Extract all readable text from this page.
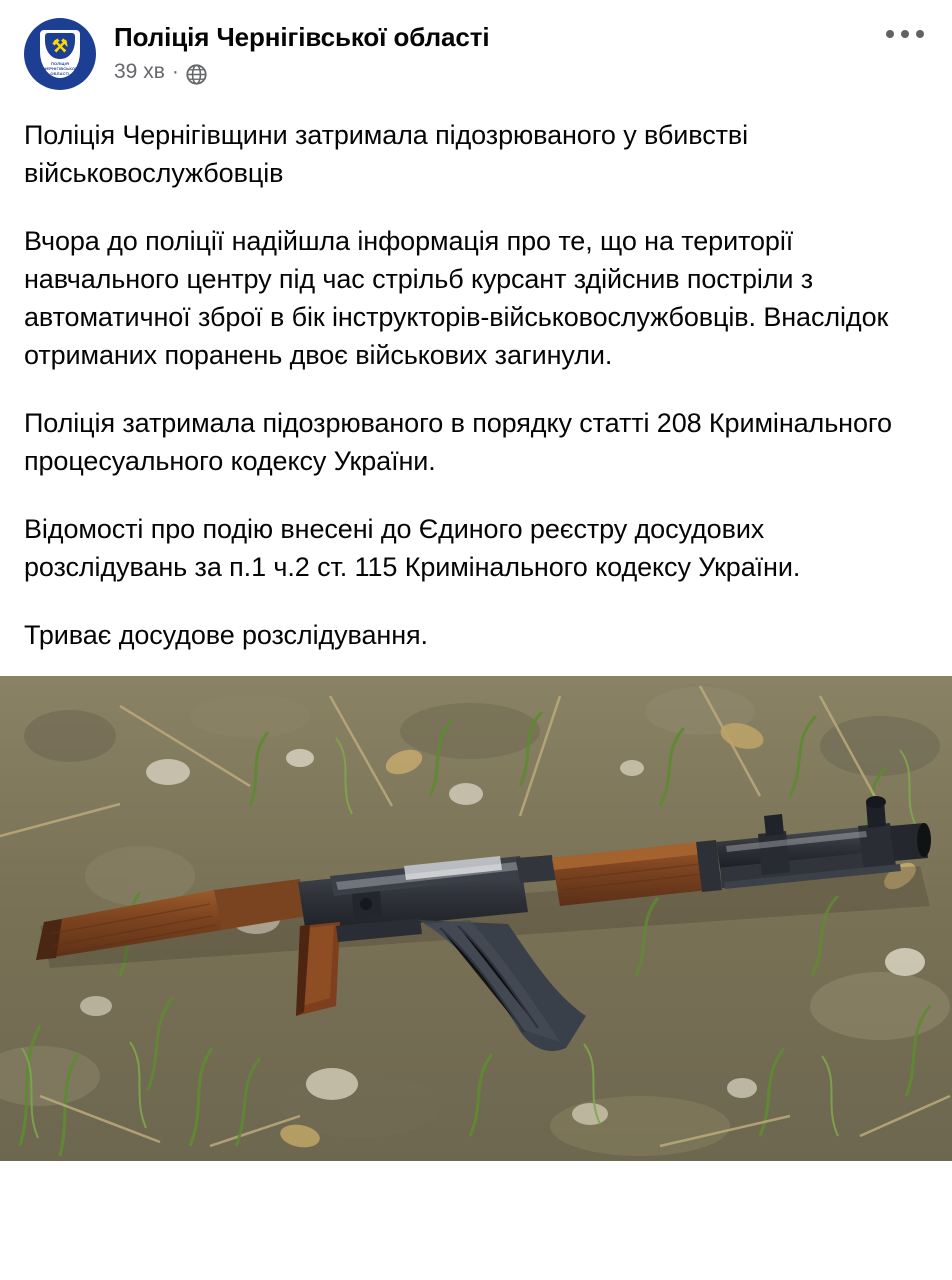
⚒
ПОЛІЦІЯ ЧЕРНІГІВСЬКОЇ ОБЛАСТІ
Поліція Чернігівської області
39 хв ·

Поліція Чернігівщини затримала підозрюваного у вбивстві військовослужбовців

Вчора до поліції надійшла інформація про те, що на території навчального центру під час стрільб курсант здійснив постріли з автоматичної зброї в бік інструкторів-військовослужбовців. Внаслідок отриманих поранень двоє військових загинули.

Поліція затримала підозрюваного в порядку статті 208 Кримінального процесуального кодексу України.

Відомості про подію внесені до Єдиного реєстру досудових розслідувань за п.1 ч.2 ст. 115 Кримінального кодексу України.

Триває досудове розслідування.
